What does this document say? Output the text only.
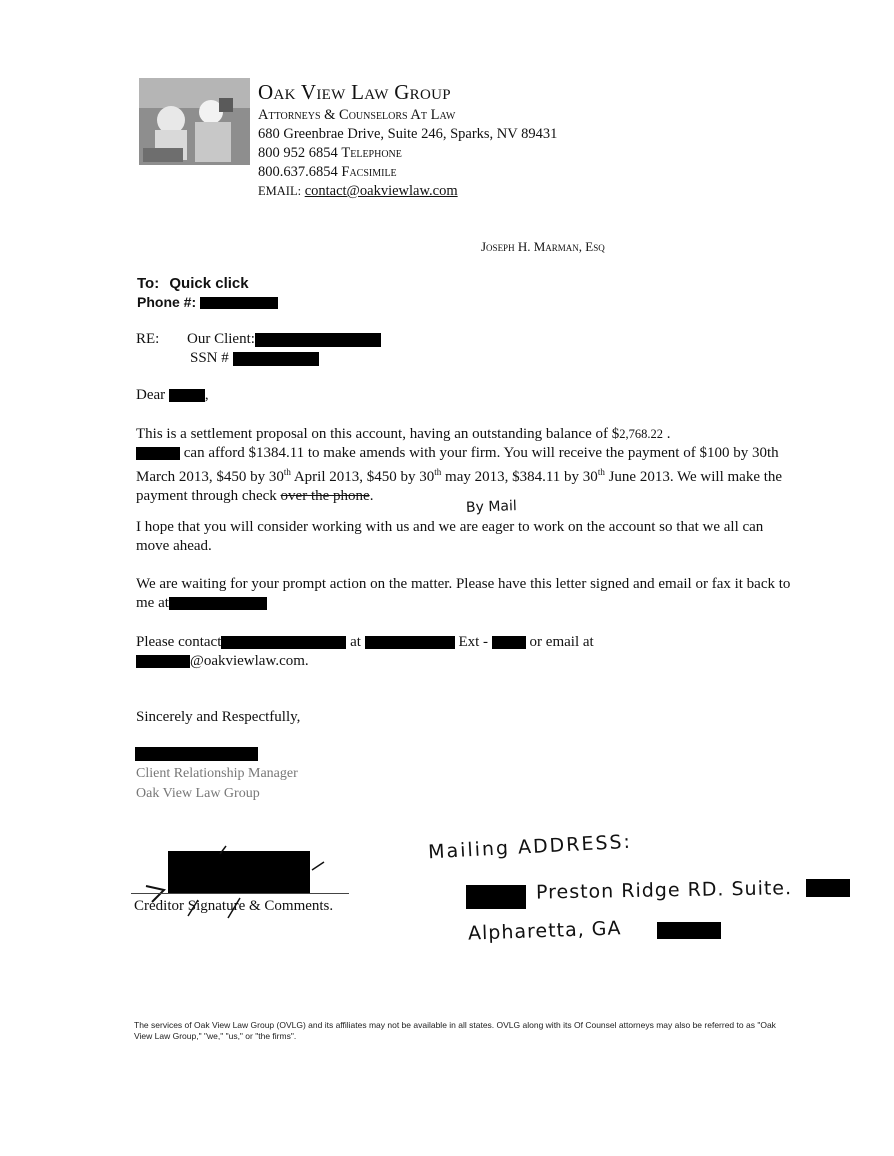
Oak View Law Group
Attorneys & Counselors At Law
680 Greenbrae Drive, Suite 246, Sparks, NV 89431
800 952 6854 Telephone
800.637.6854 Facsimile
EMAIL: contact@oakviewlaw.com
Joseph H. Marman, Esq
To: Quick click
Phone #:
RE: Our Client:
SSN #
Dear	,
This is a settlement proposal on this account, having an outstanding balance of $2,768.22 .
can afford $1384.11 to make amends with your firm. You will receive the payment of $100 by 30th March 2013, $450 by 30th April 2013, $450 by 30th may 2013, $384.11 by 30th June 2013. We will make the payment through check over the phone.
By Mail
I hope that you will consider working with us and we are eager to work on the account so that we all can move ahead.
We are waiting for your prompt action on the matter. Please have this letter signed and email or fax it back to me at
Please contact	at	Ext -	or email at
@oakviewlaw.com.
Sincerely and Respectfully,
Client Relationship Manager
Oak View Law Group
Creditor Signature & Comments.
Mailing ADDRESS:
Preston Ridge RD. Suite.
Alpharetta, GA
The services of Oak View Law Group (OVLG) and its affiliates may not be available in all states. OVLG along with its Of Counsel attorneys may also be referred to as "Oak View Law Group," "we," "us," or "the firms".
